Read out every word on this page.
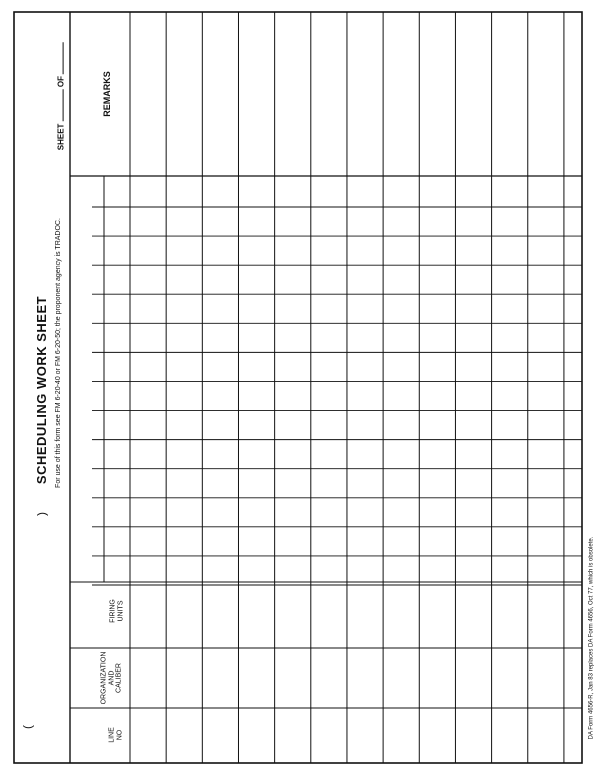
SCHEDULING WORK SHEET For use of this form see FM 6-20-40 or FM 6-20-50; the proponent agency is TRADOC.
(
)
SHEET  OF	REMARKS
FIRING UNITS
ORGANIZATION AND CALIBER
LINE NO	DA Form 4656-R, Jan 83 replaces DA Form 4656, Oct 77, which is obsolete.
